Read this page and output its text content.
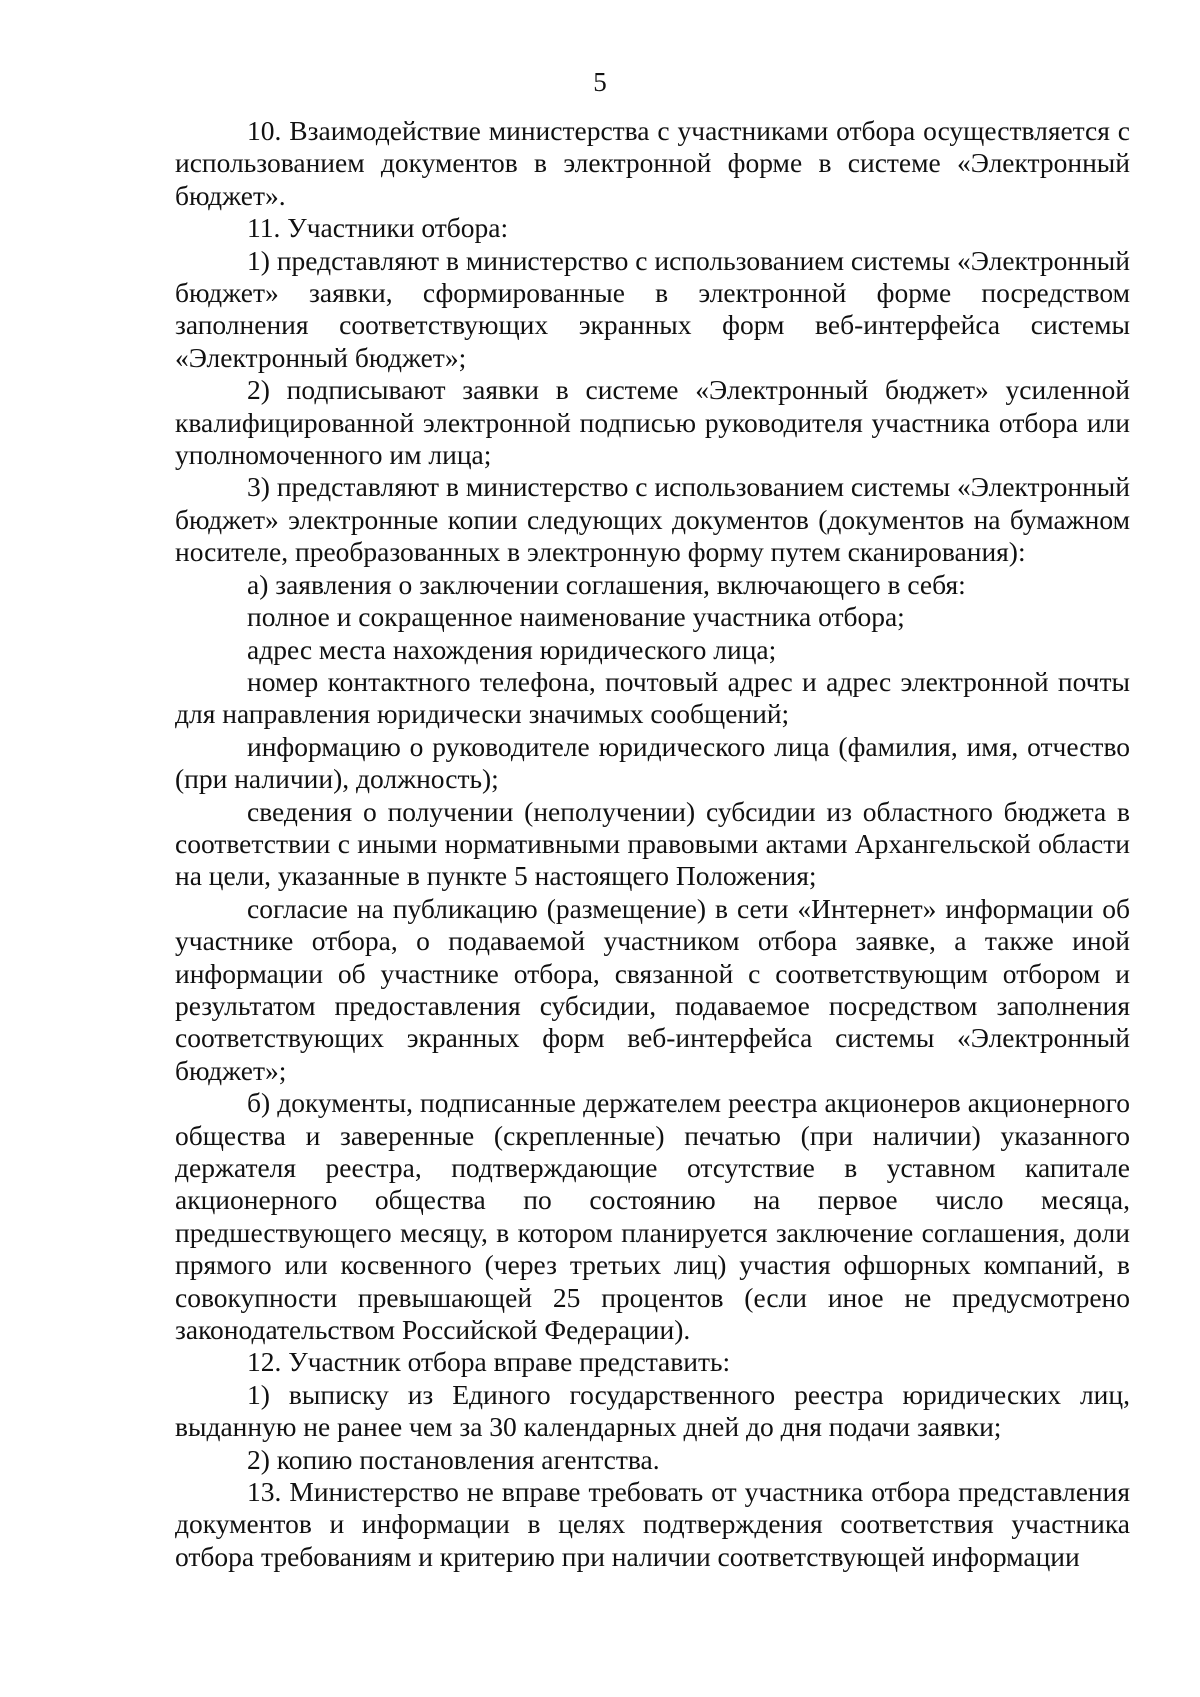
5

10. Взаимодействие министерства с участниками отбора осуществляется с использованием документов в электронной форме в системе «Электронный бюджет».

11. Участники отбора:

1) представляют в министерство с использованием системы «Электронный бюджет» заявки, сформированные в электронной форме посредством заполнения соответствующих экранных форм веб-интерфейса системы «Электронный бюджет»;

2) подписывают заявки в системе «Электронный бюджет» усиленной квалифицированной электронной подписью руководителя участника отбора или уполномоченного им лица;

3) представляют в министерство с использованием системы «Электронный бюджет» электронные копии следующих документов (документов на бумажном носителе, преобразованных в электронную форму путем сканирования):

а) заявления о заключении соглашения, включающего в себя:

полное и сокращенное наименование участника отбора;

адрес места нахождения юридического лица;

номер контактного телефона, почтовый адрес и адрес электронной почты для направления юридически значимых сообщений;

информацию о руководителе юридического лица (фамилия, имя, отчество (при наличии), должность);

сведения о получении (неполучении) субсидии из областного бюджета в соответствии с иными нормативными правовыми актами Архангельской области на цели, указанные в пункте 5 настоящего Положения;

согласие на публикацию (размещение) в сети «Интернет» информации об участнике отбора, о подаваемой участником отбора заявке, а также иной информации об участнике отбора, связанной с соответствующим отбором и результатом предоставления субсидии, подаваемое посредством заполнения соответствующих экранных форм веб-интерфейса системы «Электронный бюджет»;

б) документы, подписанные держателем реестра акционеров акционерного общества и заверенные (скрепленные) печатью (при наличии) указанного держателя реестра, подтверждающие отсутствие в уставном капитале акционерного общества по состоянию на первое число месяца, предшествующего месяцу, в котором планируется заключение соглашения, доли прямого или косвенного (через третьих лиц) участия офшорных компаний, в совокупности превышающей 25 процентов (если иное не предусмотрено законодательством Российской Федерации).

12. Участник отбора вправе представить:

1) выписку из Единого государственного реестра юридических лиц, выданную не ранее чем за 30 календарных дней до дня подачи заявки;

2) копию постановления агентства.

13. Министерство не вправе требовать от участника отбора представления документов и информации в целях подтверждения соответствия участника отбора требованиям и критерию при наличии соответствующей информации
